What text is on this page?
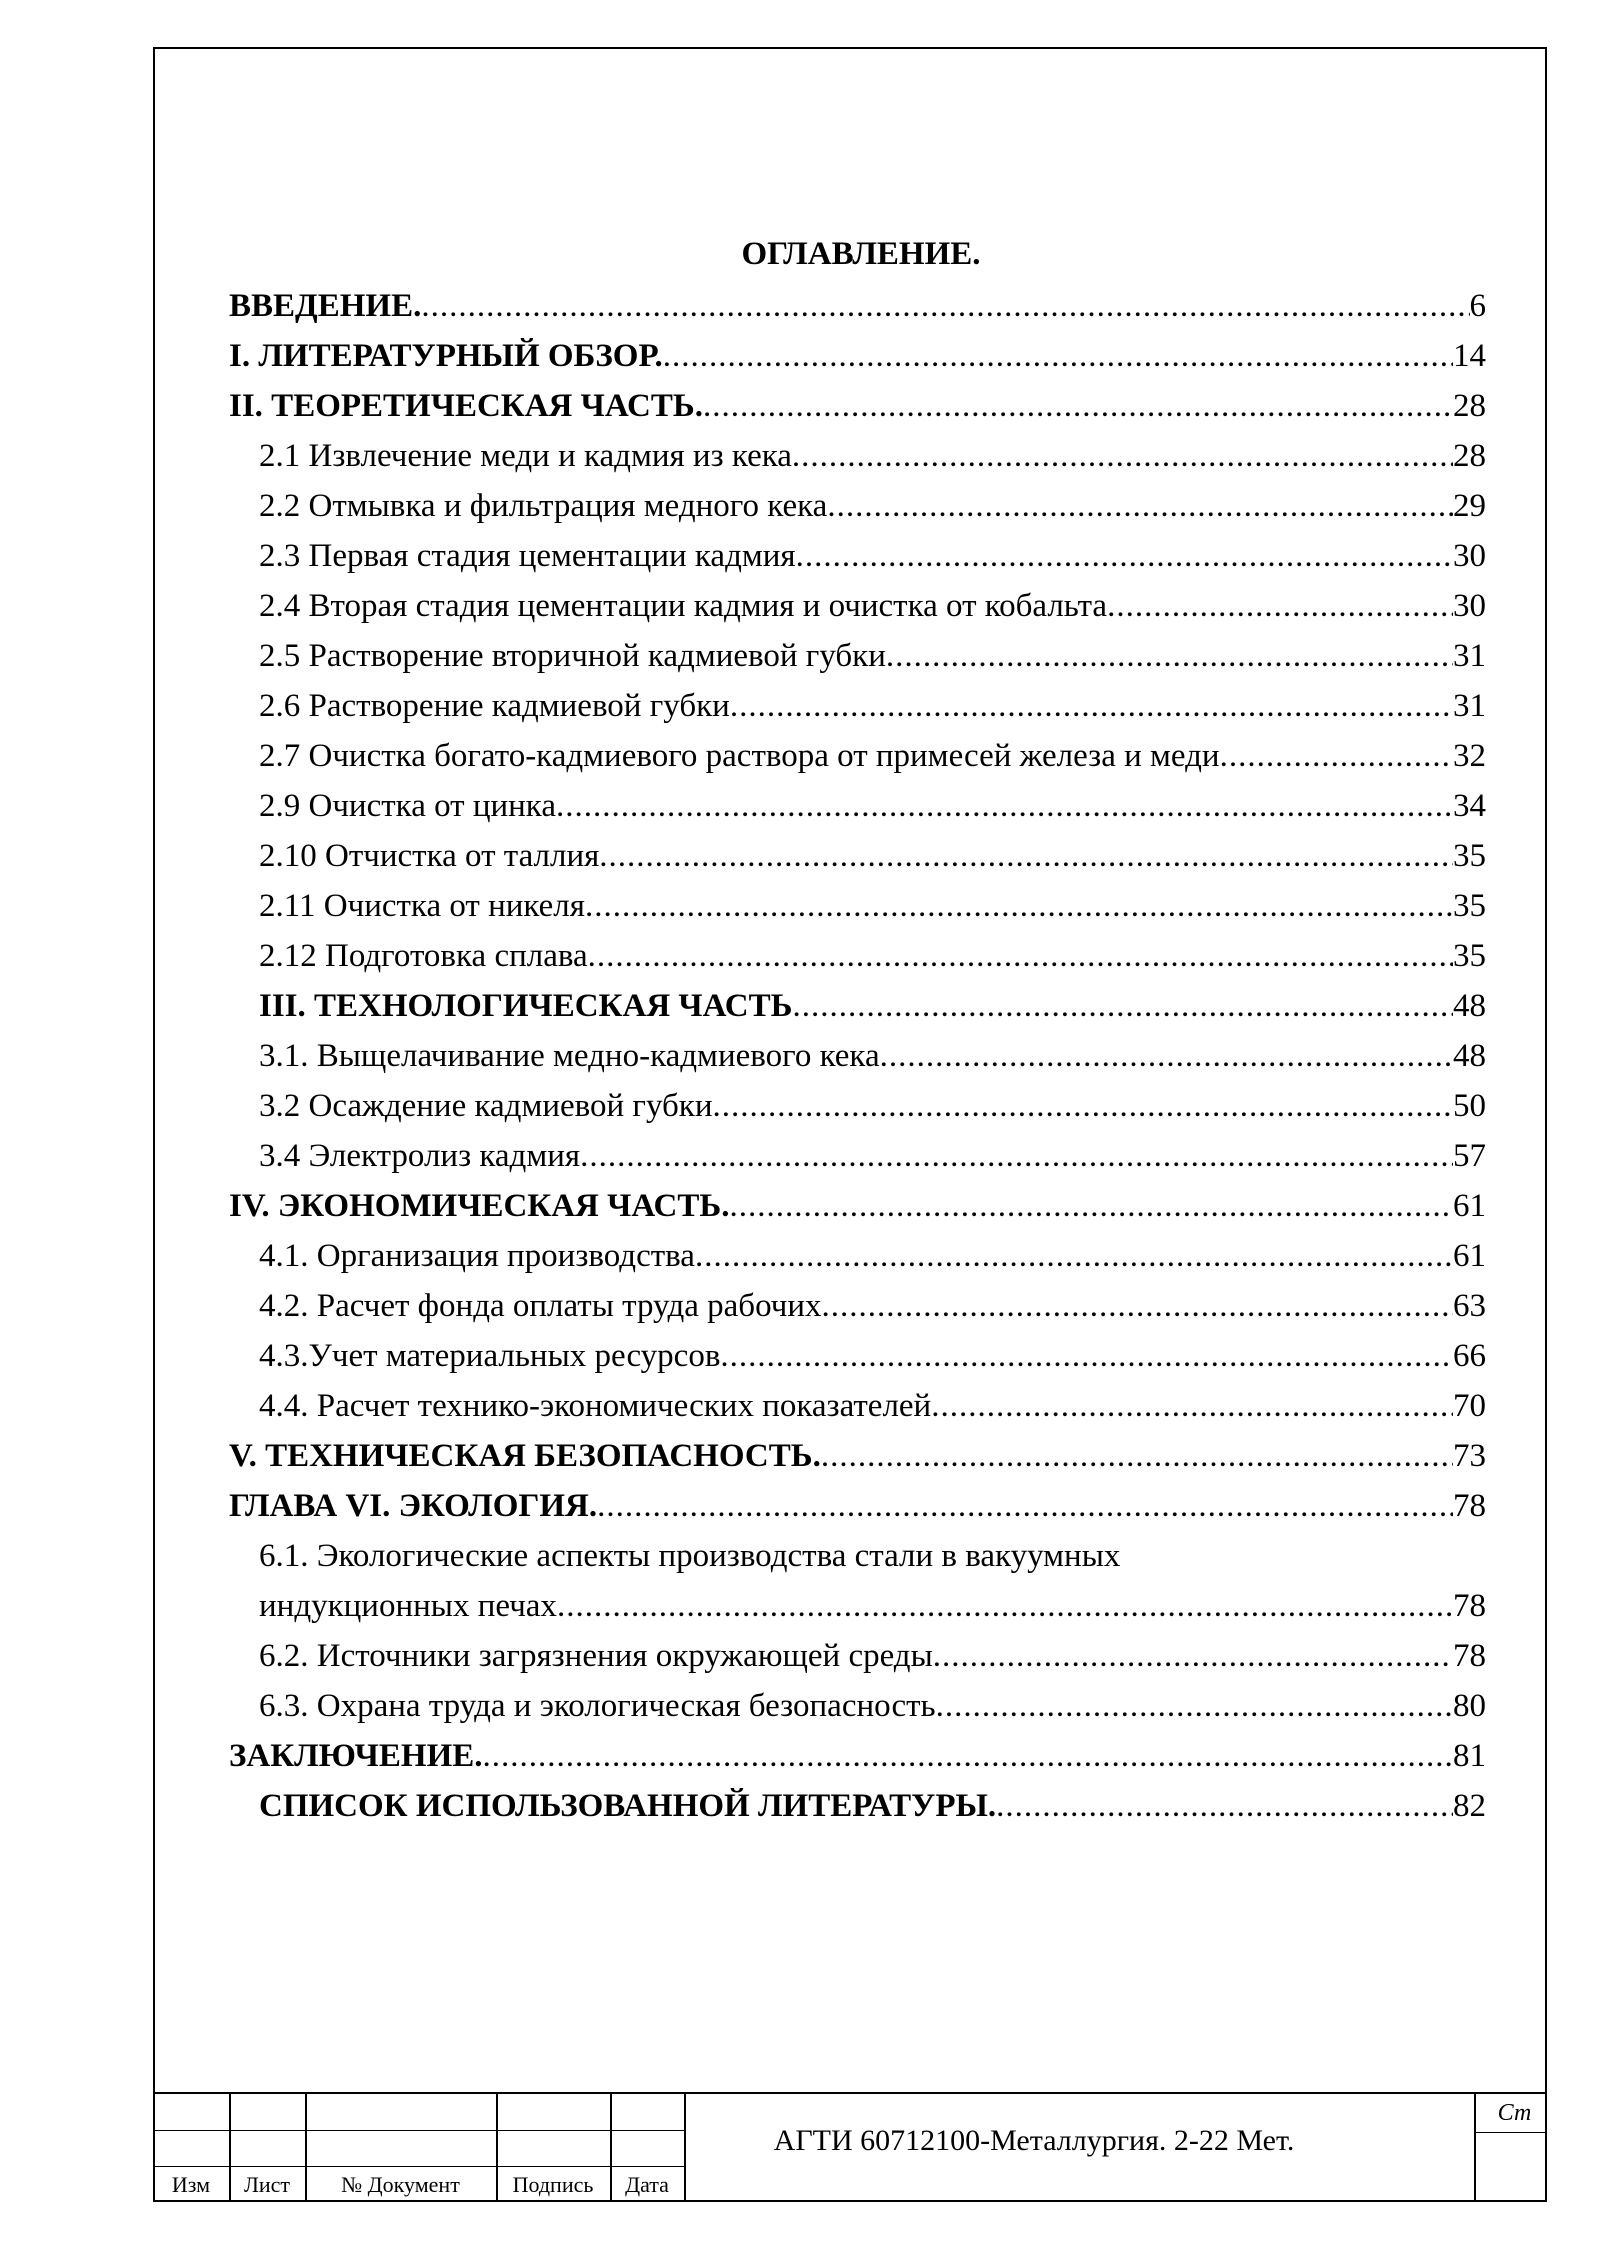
ОГЛАВЛЕНИЕ.
ВВЕДЕНИЕ. .....	6
I. ЛИТЕРАТУРНЫЙ ОБЗОР. .....	14
II. ТЕОРЕТИЧЕСКАЯ ЧАСТЬ. .....	28
2.1 Извлечение меди и кадмия из кека .....	28
2.2 Отмывка и фильтрация медного кека .....	29
2.3 Первая стадия цементации кадмия .....	30
2.4 Вторая стадия цементации кадмия и очистка от кобальта .....	30
2.5 Растворение вторичной кадмиевой губки .....	31
2.6 Растворение кадмиевой губки .....	31
2.7 Очистка богато-кадмиевого раствора от примесей железа и меди .....	32
2.9 Очистка от цинка .....	34
2.10 Отчистка от таллия .....	35
2.11 Очистка от никеля .....	35
2.12 Подготовка сплава .....	35
III. ТЕХНОЛОГИЧЕСКАЯ ЧАСТЬ .....	48
3.1. Выщелачивание медно-кадмиевого кека .....	48
3.2 Осаждение кадмиевой губки .....	50
3.4 Электролиз кадмия .....	57
IV. ЭКОНОМИЧЕСКАЯ ЧАСТЬ. .....	61
4.1. Организация производства .....	61
4.2. Расчет фонда оплаты труда рабочих .....	63
4.3.Учет материальных ресурсов .....	66
4.4. Расчет технико-экономических показателей .....	70
V. ТЕХНИЧЕСКАЯ БЕЗОПАСНОСТЬ. .....	73
ГЛАВА VI. ЭКОЛОГИЯ. .....	78
6.1. Экологические аспекты производства стали в вакуумных
индукционных печах .....	78
6.2. Источники загрязнения окружающей среды .....	78
6.3. Охрана труда и экологическая безопасность .....	80
ЗАКЛЮЧЕНИЕ. .....	81
СПИСОК ИСПОЛЬЗОВАННОЙ ЛИТЕРАТУРЫ. .....	82
Изм	Лист	№ Документ	Подпись	Дата
АГТИ 60712100-Металлургия. 2-22 Мет.
Ст
